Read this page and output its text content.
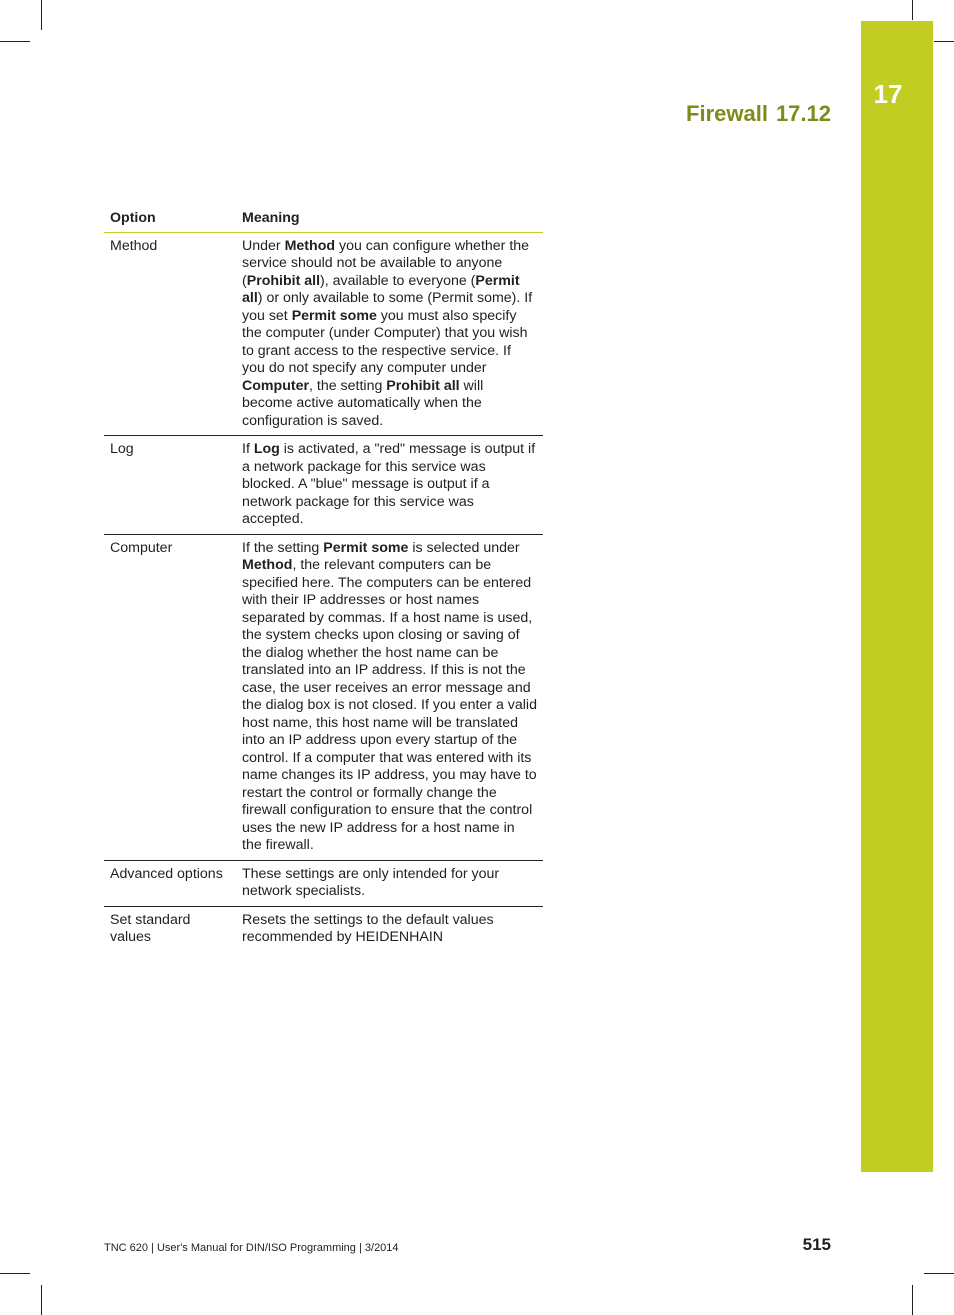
17
Firewall 17.12
Option	Meaning
Method	Under Method you can configure whether the service should not be available to anyone (Prohibit all), available to everyone (Permit all) or only available to some (Permit some). If you set Permit some you must also specify the computer (under Computer) that you wish to grant access to the respective service. If you do not specify any computer under Computer, the setting Prohibit all will become active automatically when the configuration is saved.
Log	If Log is activated, a "red" message is output if a network package for this service was blocked. A "blue" message is output if a network package for this service was accepted.
Computer	If the setting Permit some is selected under Method, the relevant computers can be specified here. The computers can be entered with their IP addresses or host names separated by commas. If a host name is used, the system checks upon closing or saving of the dialog whether the host name can be translated into an IP address. If this is not the case, the user receives an error message and the dialog box is not closed. If you enter a valid host name, this host name will be translated into an IP address upon every startup of the control. If a computer that was entered with its name changes its IP address, you may have to restart the control or formally change the firewall configuration to ensure that the control uses the new IP address for a host name in the firewall.
Advanced options	These settings are only intended for your network specialists.
Set standard values	Resets the settings to the default values recommended by HEIDENHAIN
TNC 620 | User's Manual for DIN/ISO Programming | 3/2014	515
